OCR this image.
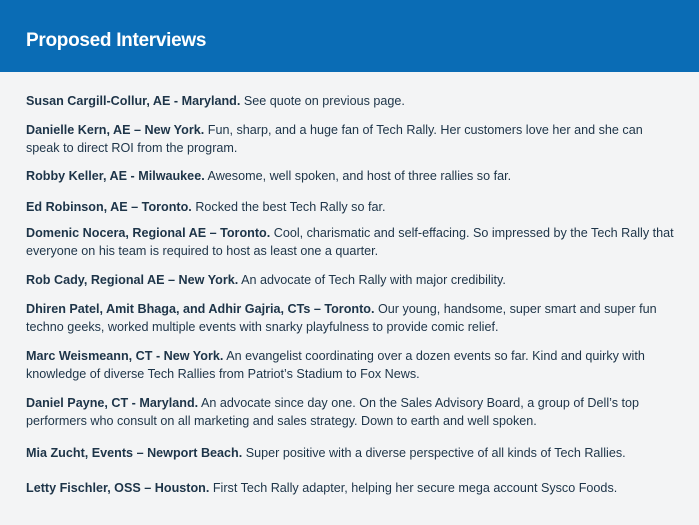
Proposed Interviews

Susan Cargill-Collur, AE - Maryland. See quote on previous page.

Danielle Kern, AE – New York. Fun, sharp, and a huge fan of Tech Rally. Her customers love her and she can speak to direct ROI from the program.

Robby Keller, AE - Milwaukee. Awesome, well spoken, and host of three rallies so far.

Ed Robinson, AE – Toronto. Rocked the best Tech Rally so far.

Domenic Nocera, Regional AE – Toronto. Cool, charismatic and self-effacing. So impressed by the Tech Rally that everyone on his team is required to host as least one a quarter.

Rob Cady, Regional AE – New York. An advocate of Tech Rally with major credibility.

Dhiren Patel, Amit Bhaga, and Adhir Gajria, CTs – Toronto. Our young, handsome, super smart and super fun techno geeks, worked multiple events with snarky playfulness to provide comic relief.

Marc Weismeann, CT - New York. An evangelist coordinating over a dozen events so far. Kind and quirky with knowledge of diverse Tech Rallies from Patriot’s Stadium to Fox News.

Daniel Payne, CT - Maryland. An advocate since day one. On the Sales Advisory Board, a group of Dell’s top performers who consult on all marketing and sales strategy. Down to earth and well spoken.

Mia Zucht, Events – Newport Beach. Super positive with a diverse perspective of all kinds of Tech Rallies.

Letty Fischler, OSS – Houston. First Tech Rally adapter, helping her secure mega account Sysco Foods.
